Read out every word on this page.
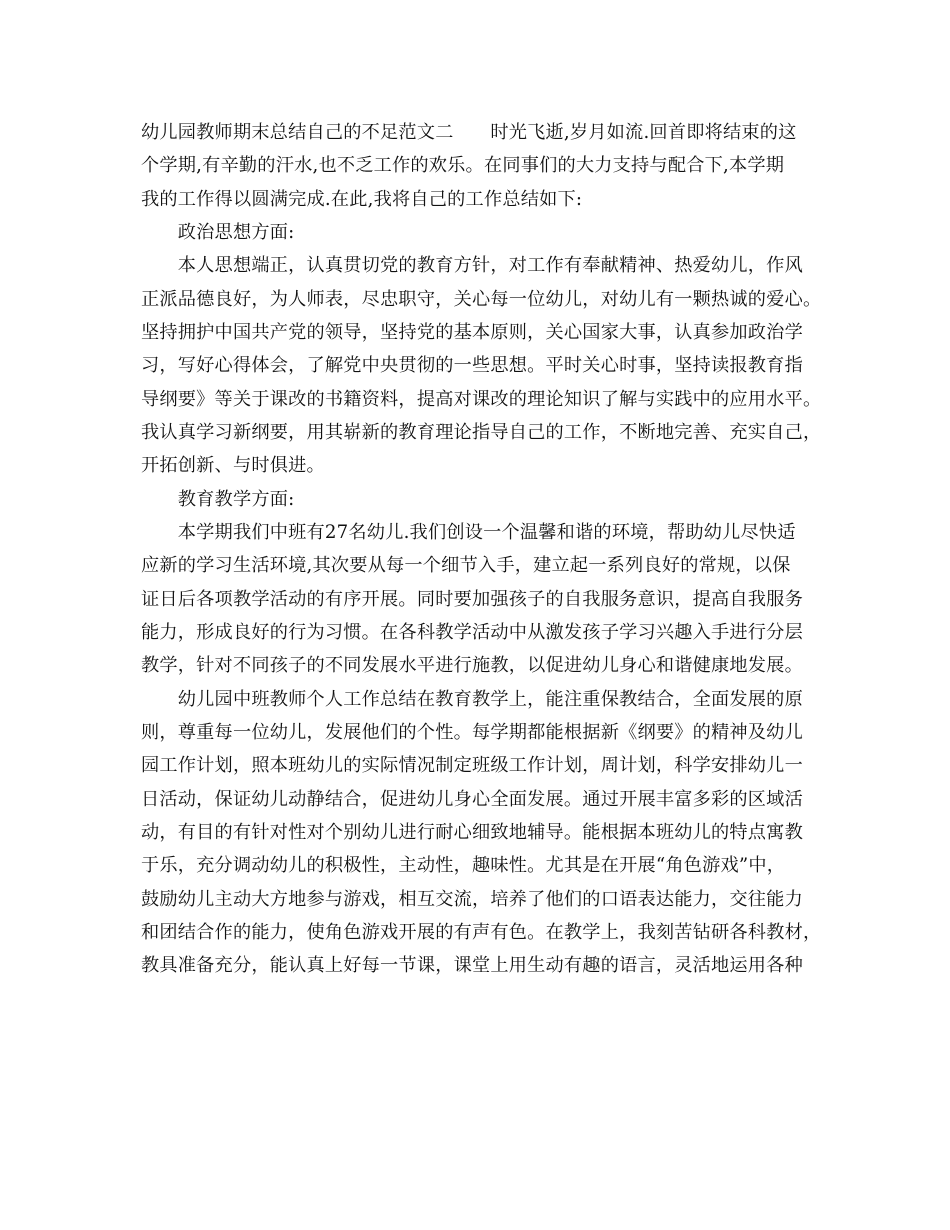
幼儿园教师期末总结自己的不足范文二　　时光飞逝,岁月如流.回首即将结束的这
个学期,有辛勤的汗水,也不乏工作的欢乐。在同事们的大力支持与配合下,本学期
我的工作得以圆满完成.在此,我将自己的工作总结如下:
　　政治思想方面:
　　本人思想端正，认真贯切党的教育方针，对工作有奉献精神、热爱幼儿，作风
正派品德良好，为人师表，尽忠职守，关心每一位幼儿，对幼儿有一颗热诚的爱心。
坚持拥护中国共产党的领导，坚持党的基本原则，关心国家大事，认真参加政治学
习，写好心得体会，了解党中央贯彻的一些思想。平时关心时事，坚持读报教育指
导纲要》等关于课改的书籍资料，提高对课改的理论知识了解与实践中的应用水平。
我认真学习新纲要，用其崭新的教育理论指导自己的工作，不断地完善、充实自己，
开拓创新、与时俱进。
　　教育教学方面:
　　本学期我们中班有27名幼儿.我们创设一个温馨和谐的环境，帮助幼儿尽快适
应新的学习生活环境,其次要从每一个细节入手，建立起一系列良好的常规，以保
证日后各项教学活动的有序开展。同时要加强孩子的自我服务意识，提高自我服务
能力，形成良好的行为习惯。在各科教学活动中从激发孩子学习兴趣入手进行分层
教学，针对不同孩子的不同发展水平进行施教，以促进幼儿身心和谐健康地发展。
　　幼儿园中班教师个人工作总结在教育教学上，能注重保教结合，全面发展的原
则，尊重每一位幼儿，发展他们的个性。每学期都能根据新《纲要》的精神及幼儿
园工作计划，照本班幼儿的实际情况制定班级工作计划，周计划，科学安排幼儿一
日活动，保证幼儿动静结合，促进幼儿身心全面发展。通过开展丰富多彩的区域活
动，有目的有针对性对个别幼儿进行耐心细致地辅导。能根据本班幼儿的特点寓教
于乐，充分调动幼儿的积极性，主动性，趣味性。尤其是在开展“角色游戏”中，
鼓励幼儿主动大方地参与游戏，相互交流，培养了他们的口语表达能力，交往能力
和团结合作的能力，使角色游戏开展的有声有色。在教学上，我刻苦钻研各科教材，
教具准备充分，能认真上好每一节课，课堂上用生动有趣的语言，灵活地运用各种
